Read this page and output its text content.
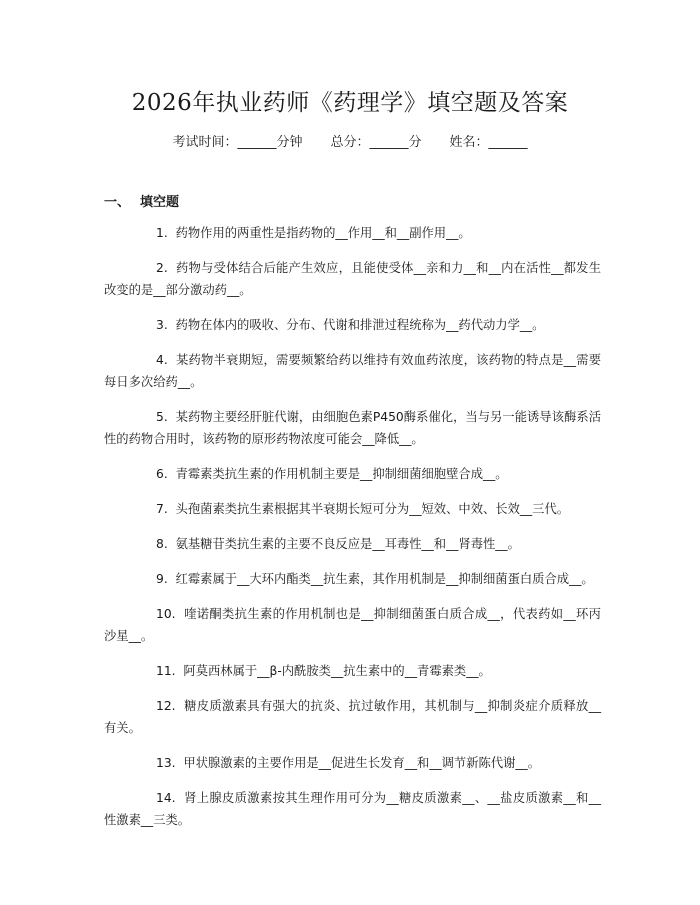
2026年执业药师《药理学》填空题及答案
考试时间：______分钟 总分：______分 姓名：______
一、 填空题

1. 药物作用的两重性是指药物的__作用__和__副作用__。

2. 药物与受体结合后能产生效应，且能使受体__亲和力__和__内在活性__都发生改变的是__部分激动药__。

3. 药物在体内的吸收、分布、代谢和排泄过程统称为__药代动力学__。

4. 某药物半衰期短，需要频繁给药以维持有效血药浓度，该药物的特点是__需要每日多次给药__。

5. 某药物主要经肝脏代谢，由细胞色素P450酶系催化，当与另一能诱导该酶系活性的药物合用时，该药物的原形药物浓度可能会__降低__。

6. 青霉素类抗生素的作用机制主要是__抑制细菌细胞壁合成__。

7. 头孢菌素类抗生素根据其半衰期长短可分为__短效、中效、长效__三代。

8. 氨基糖苷类抗生素的主要不良反应是__耳毒性__和__肾毒性__。

9. 红霉素属于__大环内酯类__抗生素，其作用机制是__抑制细菌蛋白质合成__。

10. 喹诺酮类抗生素的作用机制也是__抑制细菌蛋白质合成__，代表药如__环丙沙星__。

11. 阿莫西林属于__β-内酰胺类__抗生素中的__青霉素类__。

12. 糖皮质激素具有强大的抗炎、抗过敏作用，其机制与__抑制炎症介质释放__有关。

13. 甲状腺激素的主要作用是__促进生长发育__和__调节新陈代谢__。

14. 肾上腺皮质激素按其生理作用可分为__糖皮质激素__、__盐皮质激素__和__性激素__三类。
